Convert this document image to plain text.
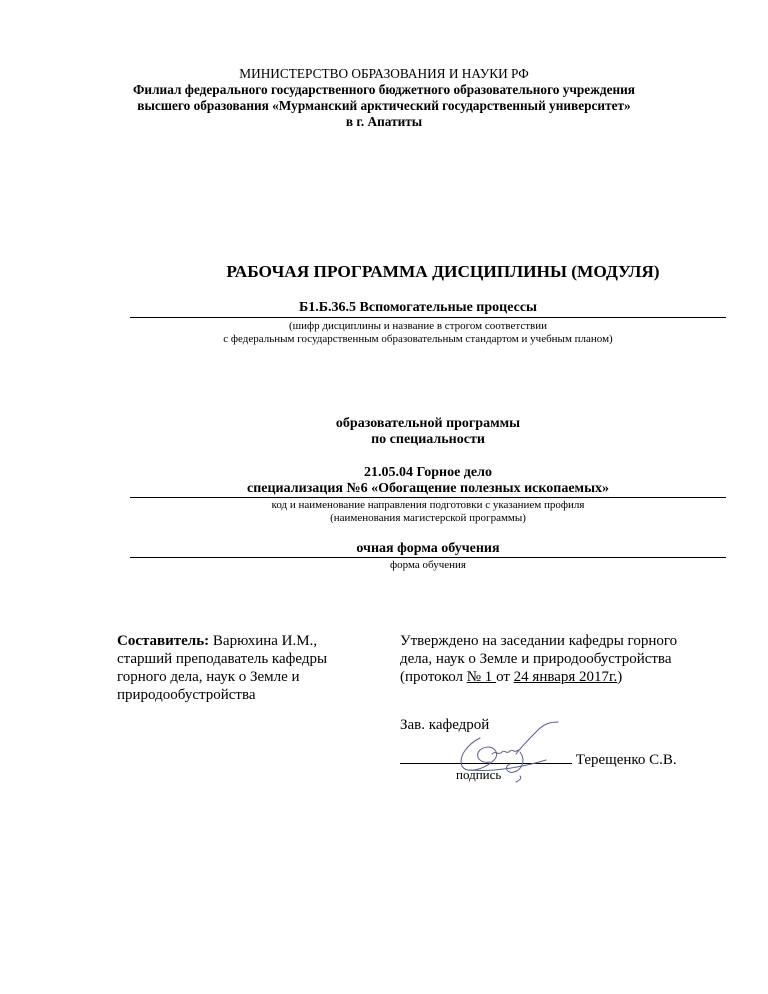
МИНИСТЕРСТВО ОБРАЗОВАНИЯ И НАУКИ РФ
Филиал федерального государственного бюджетного образовательного учреждения
высшего образования «Мурманский арктический государственный университет»
в г. Апатиты
РАБОЧАЯ ПРОГРАММА ДИСЦИПЛИНЫ (МОДУЛЯ)
Б1.Б.36.5 Вспомогательные процессы
(шифр дисциплины и название в строгом соответствии
с федеральным государственным образовательным стандартом и учебным планом)
образовательной программы
по специальности
21.05.04 Горное дело
специализация №6 «Обогащение полезных ископаемых»
код и наименование направления подготовки с указанием профиля
(наименования магистерской программы)
очная форма обучения
форма обучения
Составитель: Варюхина И.М.,
старший преподаватель кафедры
горного дела, наук о Земле и
природообустройства
Утверждено на заседании кафедры горного
дела, наук о Земле и природообустройства
(протокол № 1 от 24 января 2017г.)
Зав. кафедрой
Терещенко С.В.
подпись
